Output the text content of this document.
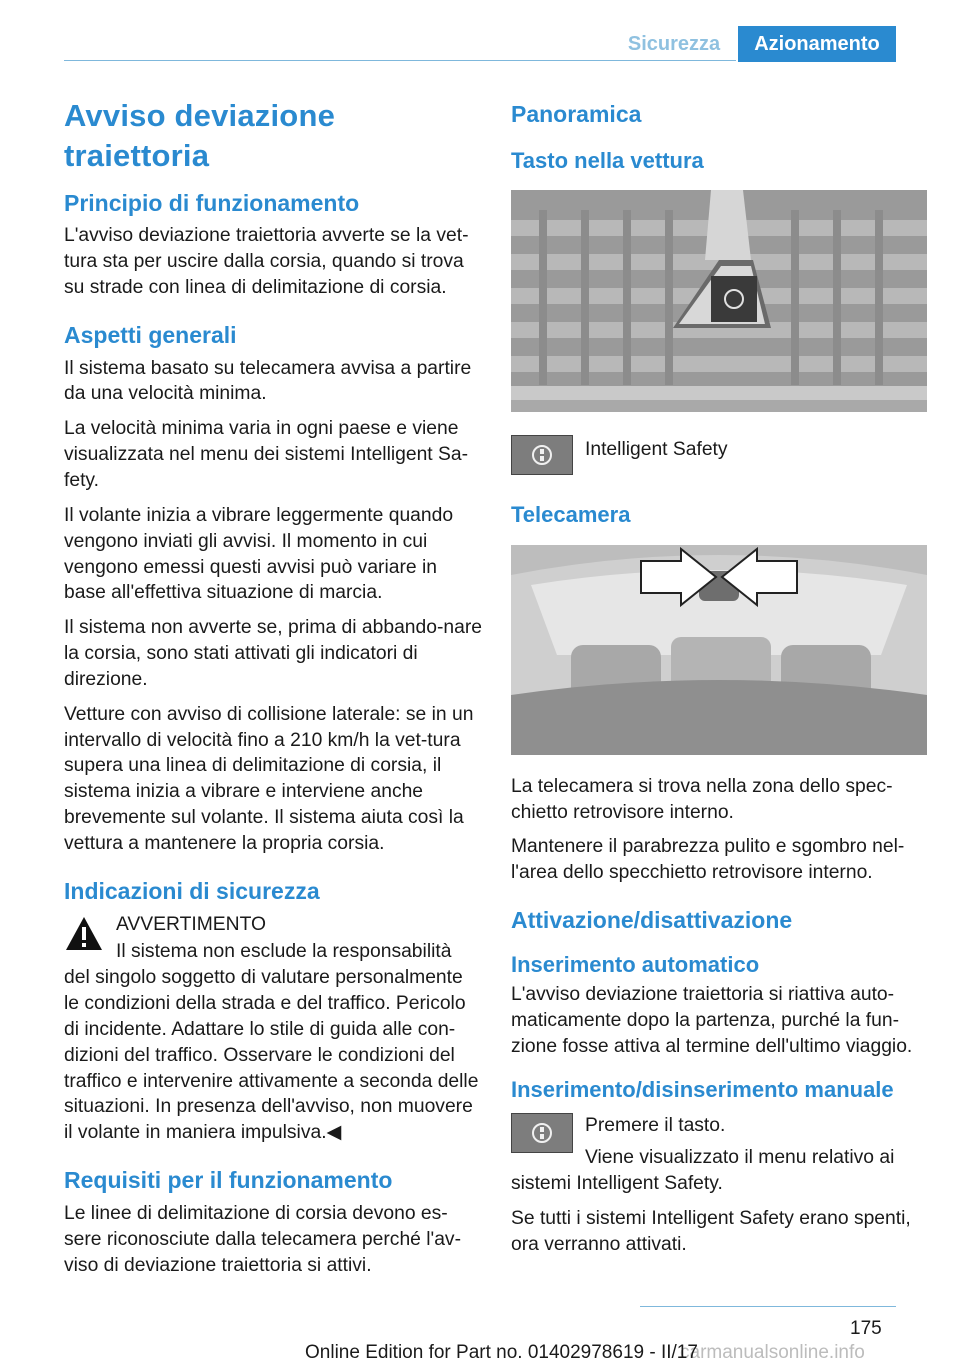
Sicurezza	Azionamento
Avviso deviazione traiettoria
Principio di funzionamento

L'avviso deviazione traiettoria avverte se la vet-tura sta per uscire dalla corsia, quando si trova su strade con linea di delimitazione di corsia.

Aspetti generali

Il sistema basato su telecamera avvisa a partire da una velocità minima.

La velocità minima varia in ogni paese e viene visualizzata nel menu dei sistemi Intelligent Sa-fety.

Il volante inizia a vibrare leggermente quando vengono inviati gli avvisi. Il momento in cui vengono emessi questi avvisi può variare in base all'effettiva situazione di marcia.

Il sistema non avverte se, prima di abbando-nare la corsia, sono stati attivati gli indicatori di direzione.

Vetture con avviso di collisione laterale: se in un intervallo di velocità fino a 210 km/h la vet-tura supera una linea di delimitazione di corsia, il sistema inizia a vibrare e interviene anche brevemente sul volante. Il sistema aiuta così la vettura a mantenere la propria corsia.

Indicazioni di sicurezza

AVVERTIMENTO

Il sistema non esclude la responsabilità del singolo soggetto di valutare personalmente le condizioni della strada e del traffico. Pericolo di incidente. Adattare lo stile di guida alle con-dizioni del traffico. Osservare le condizioni del traffico e intervenire attivamente a seconda delle situazioni. In presenza dell'avviso, non muovere il volante in maniera impulsiva.◀

Requisiti per il funzionamento

Le linee di delimitazione di corsia devono es-sere riconosciute dalla telecamera perché l'av-viso di deviazione traiettoria si attivi.

Panoramica
Tasto nella vettura

Intelligent Safety

Telecamera

La telecamera si trova nella zona dello spec-chietto retrovisore interno.

Mantenere il parabrezza pulito e sgombro nel-l'area dello specchietto retrovisore interno.

Attivazione/disattivazione
Inserimento automatico

L'avviso deviazione traiettoria si riattiva auto-maticamente dopo la partenza, purché la fun-zione fosse attiva al termine dell'ultimo viaggio.

Inserimento/disinserimento manuale

Premere il tasto.

Viene visualizzato il menu relativo ai sistemi Intelligent Safety.

Se tutti i sistemi Intelligent Safety erano spenti, ora verranno attivati.

175
carmanualsonline.info
Online Edition for Part no. 01402978619 - II/17
